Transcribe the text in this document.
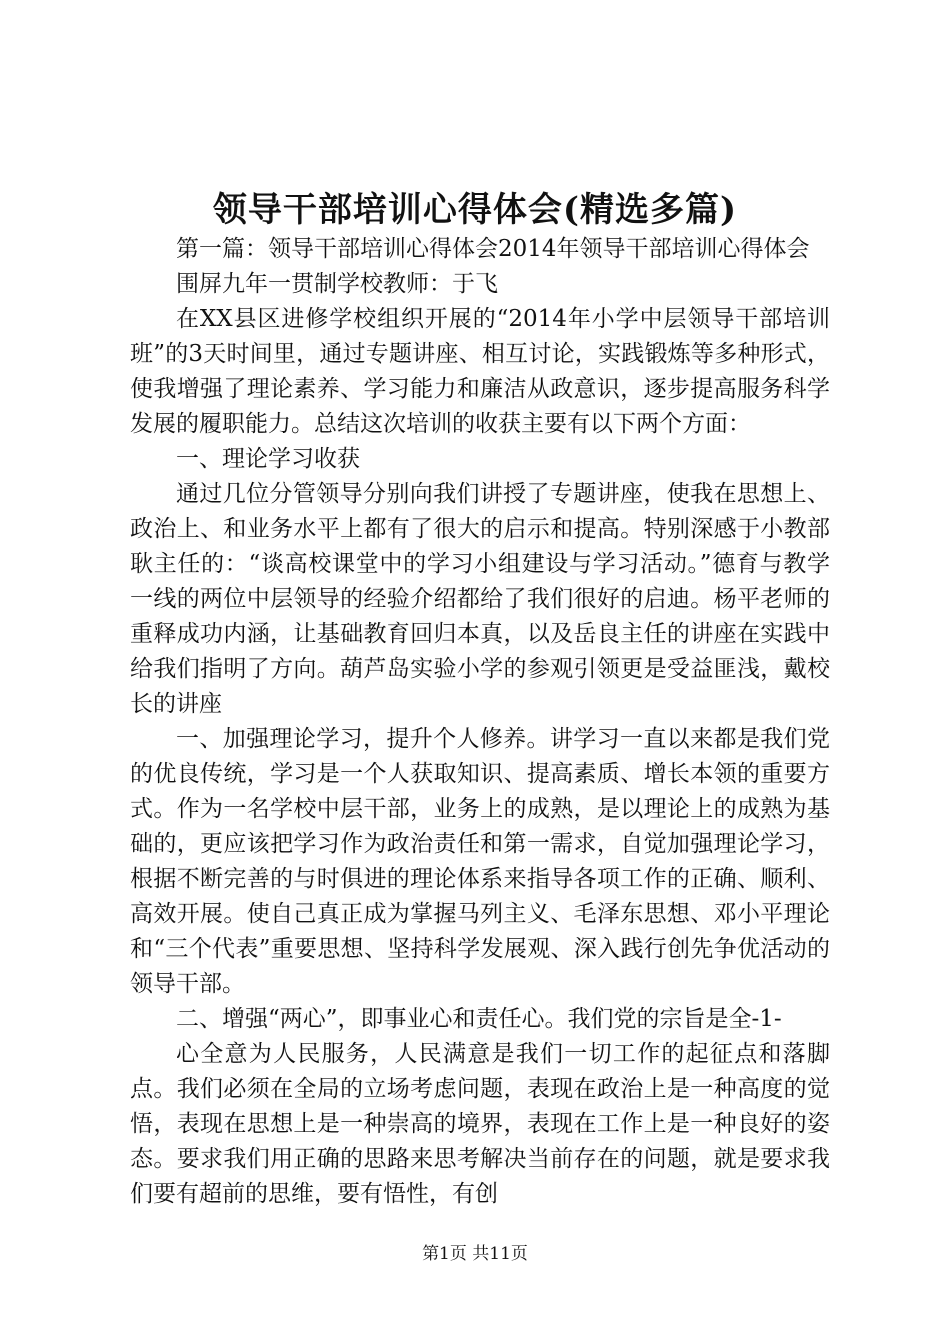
领导干部培训心得体会(精选多篇)

第一篇：领导干部培训心得体会2014年领导干部培训心得体会

围屏九年一贯制学校教师：于飞

在XX县区进修学校组织开展的“2014年小学中层领导干部培训班”的3天时间里，通过专题讲座、相互讨论，实践锻炼等多种形式，使我增强了理论素养、学习能力和廉洁从政意识，逐步提高服务科学发展的履职能力。总结这次培训的收获主要有以下两个方面：

一、理论学习收获

通过几位分管领导分别向我们讲授了专题讲座，使我在思想上、政治上、和业务水平上都有了很大的启示和提高。特别深感于小教部耿主任的：“谈高校课堂中的学习小组建设与学习活动。”德育与教学一线的两位中层领导的经验介绍都给了我们很好的启迪。杨平老师的重释成功内涵，让基础教育回归本真，以及岳良主任的讲座在实践中给我们指明了方向。葫芦岛实验小学的参观引领更是受益匪浅，戴校长的讲座

一、加强理论学习，提升个人修养。讲学习一直以来都是我们党的优良传统，学习是一个人获取知识、提高素质、增长本领的重要方式。作为一名学校中层干部，业务上的成熟，是以理论上的成熟为基础的，更应该把学习作为政治责任和第一需求，自觉加强理论学习，根据不断完善的与时俱进的理论体系来指导各项工作的正确、顺利、高效开展。使自己真正成为掌握马列主义、毛泽东思想、邓小平理论和“三个代表”重要思想、坚持科学发展观、深入践行创先争优活动的领导干部。

二、增强“两心”，即事业心和责任心。我们党的宗旨是全-1-

心全意为人民服务，人民满意是我们一切工作的起征点和落脚点。我们必须在全局的立场考虑问题，表现在政治上是一种高度的觉悟，表现在思想上是一种崇高的境界，表现在工作上是一种良好的姿态。要求我们用正确的思路来思考解决当前存在的问题，就是要求我们要有超前的思维，要有悟性，有创

第1页 共11页
